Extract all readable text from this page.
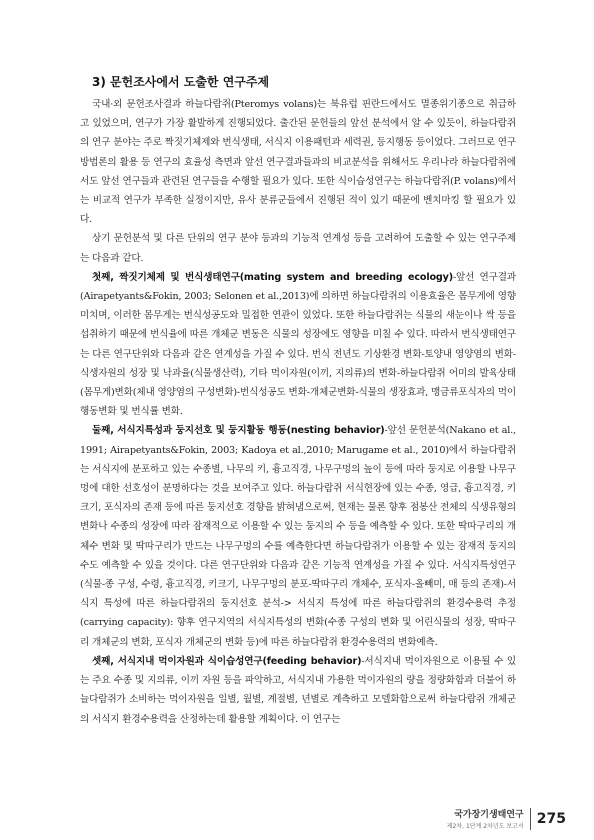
3) 문헌조사에서 도출한 연구주제

국내·외 문헌조사결과 하늘다람쥐(Pteromys volans)는 북유럽 핀란드에서도 멸종위기종으로 취급하고 있었으며, 연구가 가장 활발하게 진행되었다. 출간된 문헌들의 앞선 분석에서 알 수 있듯이, 하늘다람쥐의 연구 분야는 주로 짝짓기체제와 번식생태, 서식지 이용패턴과 세력권, 등지행동 등이었다. 그러므로 연구방법론의 활용 등 연구의 효율성 측면과 앞선 연구결과들과의 비교분석을 위해서도 우리나라 하늘다람쥐에서도 앞선 연구들과 관련된 연구들을 수행할 필요가 있다. 또한 식이습성연구는 하늘다람쥐(P. volans)에서는 비교적 연구가 부족한 실정이지만, 유사 분류군들에서 진행된 적이 있기 때문에 벤치마킹 할 필요가 있다.

상기 문헌분석 및 다른 단위의 연구 분야 등과의 기능적 연계성 등을 고려하여 도출할 수 있는 연구주제는 다음과 같다.

첫째, 짝짓기체제 및 번식생태연구(mating system and breeding ecology)-앞선 연구결과(Airapetyants&Fokin, 2003; Selonen et al.,2013)에 의하면 하늘다람쥐의 이용효율은 몸무게에 영향 미치며, 이러한 몸무게는 번식성공도와 밀접한 연관이 있었다. 또한 하늘다람쥐는 식물의 새눈이나 싹 등을 섭취하기 때문에 번식율에 따른 개체군 변동은 식물의 성장에도 영향을 미칠 수 있다. 따라서 번식생태연구는 다른 연구단위와 다음과 같은 연계성을 가질 수 있다. 번식 전년도 기상환경 변화-토양내 영양염의 변화-식생자원의 성장 및 낙과율(식물생산력), 기타 먹이자원(이끼, 지의류)의 변화-하늘다람쥐 어미의 발육상태(몸무게)변화(체내 영양염의 구성변화)-번식성공도 변화-개체군변화-식물의 생장효과, 맹금류포식자의 먹이행동변화 및 번식률 변화.

둘째, 서식지특성과 둥지선호 및 둥지활동 행동(nesting behavior)-앞선 문헌분석(Nakano et al., 1991; Airapetyants&Fokin, 2003; Kadoya et al.,2010; Marugame et al., 2010)에서 하늘다람쥐는 서식지에 분포하고 있는 수종별, 나무의 키, 흉고직경, 나무구멍의 높이 등에 따라 둥지로 이용할 나무구멍에 대한 선호성이 분명하다는 것을 보여주고 있다. 하늘다람쥐 서식현장에 있는 수종, 영급, 흉고직경, 키 크기, 포식자의 존재 등에 따른 둥지선호 경향을 밝혀냄으로써, 현재는 물론 향후 점봉산 전체의 식생유형의 변화나 수종의 성장에 따라 잠재적으로 이용할 수 있는 둥지의 수 등을 예측할 수 있다. 또한 딱따구리의 개체수 변화 및 딱따구리가 만드는 나무구멍의 수를 예측한다면 하늘다람쥐가 이용할 수 있는 잠재적 둥지의 수도 예측할 수 있을 것이다. 다른 연구단위와 다음과 같은 기능적 연계성을 가질 수 있다. 서식지특성연구(식물-종 구성, 수령, 흉고직경, 키크기, 나무구멍의 분포-딱따구리 개체수, 포식자-올빼미, 매 등의 존재)-서식지 특성에 따른 하늘다람쥐의 둥지선호 분석-> 서식지 특성에 따른 하늘다람쥐의 환경수용력 추정(carrying capacity): 향후 연구지역의 서식지특성의 변화(수종 구성의 변화 및 어린식물의 성장, 딱따구리 개체군의 변화, 포식자 개체군의 변화 등)에 따른 하늘다람쥐 환경수용력의 변화예측.

셋째, 서식지내 먹이자원과 식이습성연구(feeding behavior)-서식지내 먹이자원으로 이용될 수 있는 주요 수종 및 지의류, 이끼 자원 등을 파악하고, 서식지내 가용한 먹이자원의 량을 정량화함과 더불어 하늘다람쥐가 소비하는 먹이자원을 일별, 월별, 계절별, 년별로 계측하고 모델화함으로써 하늘다람쥐 개체군의 서식지 환경수용력을 산정하는데 활용할 계획이다. 이 연구는

국가장기생태연구
제2차, 1단계 2차년도 보고서 275
